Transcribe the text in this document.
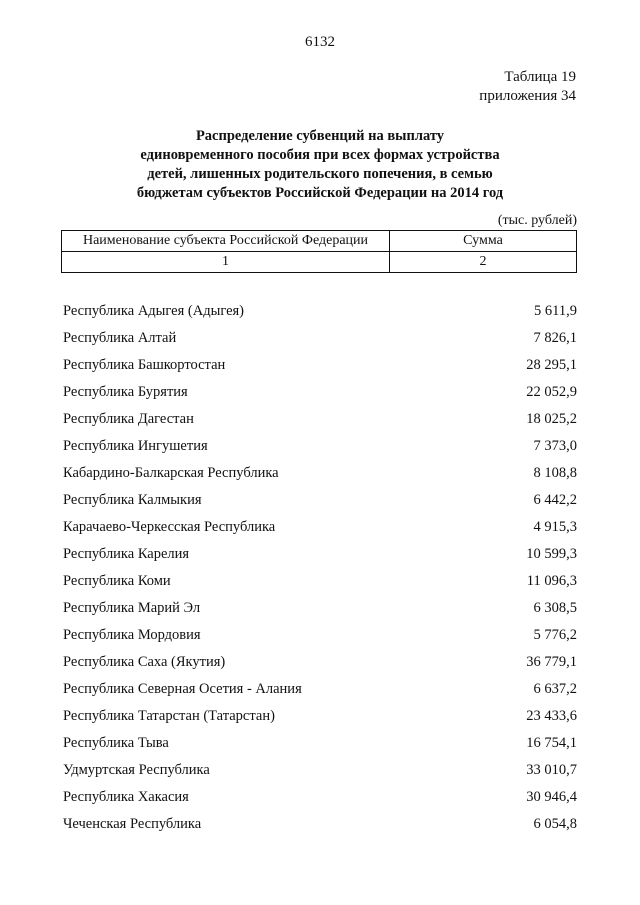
6132
Таблица 19
приложения 34
Распределение субвенций на выплату
единовременного пособия при всех формах устройства
детей, лишенных родительского попечения, в семью
бюджетам субъектов Российской Федерации на 2014 год
(тыс. рублей)
Наименование субъекта Российской Федерации	Сумма
1	2
Республика Адыгея (Адыгея)	5 611,9
Республика Алтай	7 826,1
Республика Башкортостан	28 295,1
Республика Бурятия	22 052,9
Республика Дагестан	18 025,2
Республика Ингушетия	7 373,0
Кабардино-Балкарская Республика	8 108,8
Республика Калмыкия	6 442,2
Карачаево-Черкесская Республика	4 915,3
Республика Карелия	10 599,3
Республика Коми	11 096,3
Республика Марий Эл	6 308,5
Республика Мордовия	5 776,2
Республика Саха (Якутия)	36 779,1
Республика Северная Осетия - Алания	6 637,2
Республика Татарстан (Татарстан)	23 433,6
Республика Тыва	16 754,1
Удмуртская Республика	33 010,7
Республика Хакасия	30 946,4
Чеченская Республика	6 054,8
